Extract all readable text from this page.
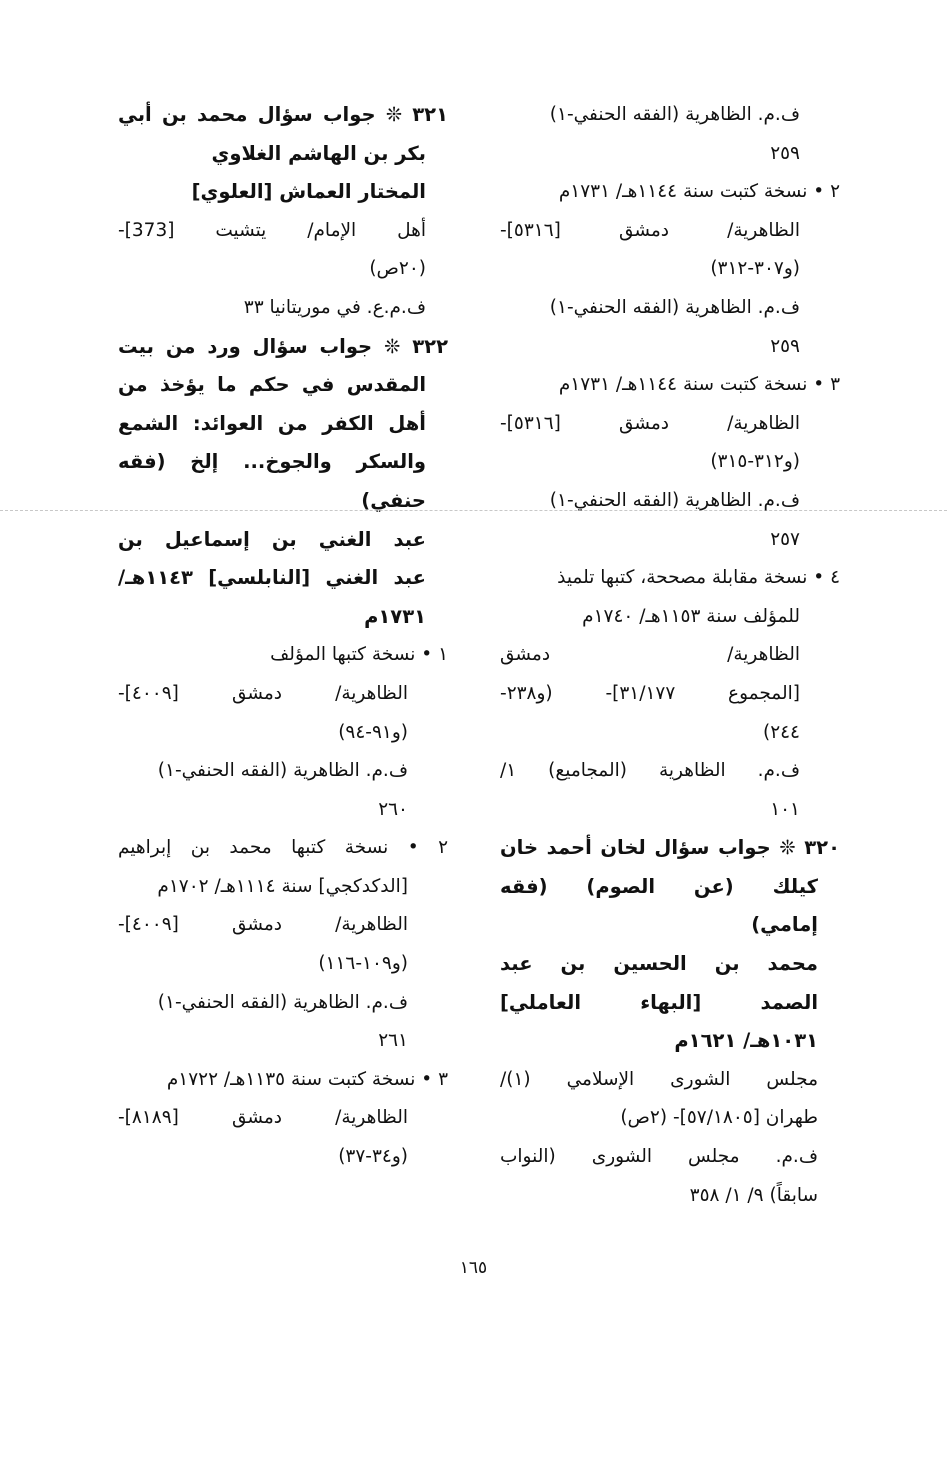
ف.م. الظاهرية (الفقه الحنفي-١)
٢٥٩
٢ • نسخة كتبت سنة ١١٤٤هـ/ ١٧٣١م
الظاهرية/ دمشق [٥٣١٦]-
(و٣٠٧-٣١٢)
ف.م. الظاهرية (الفقه الحنفي-١)
٢٥٩
٣ • نسخة كتبت سنة ١١٤٤هـ/ ١٧٣١م
الظاهرية/ دمشق [٥٣١٦]-
(و٣١٢-٣١٥)
ف.م. الظاهرية (الفقه الحنفي-١)
٢٥٧
٤ • نسخة مقابلة مصححة، كتبها تلميذ
للمؤلف سنة ١١٥٣هـ/ ١٧٤٠م
الظاهرية/ دمشق
[المجموع ٣١/١٧٧]- (و٢٣٨-
٢٤٤)
ف.م. الظاهرية (المجاميع) ١/
١٠١
٣٢٠ ❊ جواب سؤال لخان أحمد خان
كيلك (عن الصوم) (فقه
إمامي)
محمد بن الحسين بن عبد
الصمد [البهاء العاملي]
١٠٣١هـ/ ١٦٢١م
مجلس الشورى الإسلامي (١)/
طهران [٥٧/١٨٠٥]- (٢ص)
ف.م. مجلس الشورى (النواب
سابقاً) ٩/ ١/ ٣٥٨
٣٢١ ❊ جواب سؤال محمد بن أبي
بكر بن الهاشم الغلاوي
المختار العماش [العلوي]
أهل الإمام/ يتشيت [373]-
(٢٠ص)
ف.م.ع. في موريتانيا ٣٣
٣٢٢ ❊ جواب سؤال ورد من بيت
المقدس في حكم ما يؤخذ من
أهل الكفر من العوائد: الشمع
والسكر والجوخ... إلخ (فقه
حنفي)
عبد الغني بن إسماعيل بن
عبد الغني [النابلسي] ١١٤٣هـ/
١٧٣١م
١ • نسخة كتبها المؤلف
الظاهرية/ دمشق [٤٠٠٩]-
(و٩١-٩٤)
ف.م. الظاهرية (الفقه الحنفي-١)
٢٦٠
٢ • نسخة كتبها محمد بن إبراهيم
[الدكدكجي] سنة ١١١٤هـ/ ١٧٠٢م
الظاهرية/ دمشق [٤٠٠٩]-
(و١٠٩-١١٦)
ف.م. الظاهرية (الفقه الحنفي-١)
٢٦١
٣ • نسخة كتبت سنة ١١٣٥هـ/ ١٧٢٢م
الظاهرية/ دمشق [٨١٨٩]-
(و٣٤-٣٧)
١٦٥
